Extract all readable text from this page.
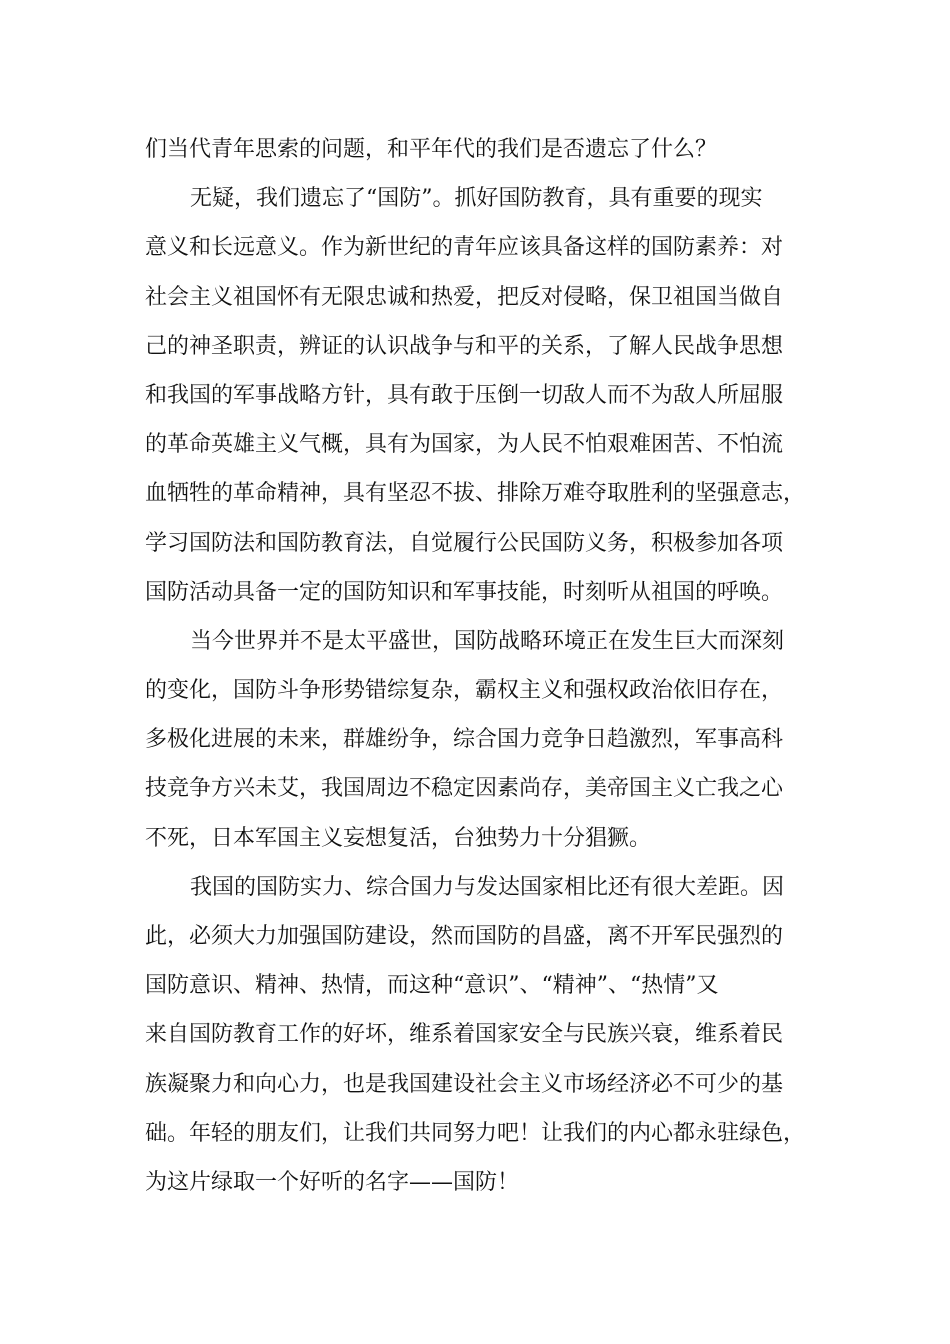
们当代青年思索的问题，和平年代的我们是否遗忘了什么？
无疑，我们遗忘了“国防”。抓好国防教育，具有重要的现实
意义和长远意义。作为新世纪的青年应该具备这样的国防素养：对
社会主义祖国怀有无限忠诚和热爱，把反对侵略，保卫祖国当做自
己的神圣职责，辨证的认识战争与和平的关系，了解人民战争思想
和我国的军事战略方针，具有敢于压倒一切敌人而不为敌人所屈服
的革命英雄主义气概，具有为国家，为人民不怕艰难困苦、不怕流
血牺牲的革命精神，具有坚忍不拔、排除万难夺取胜利的坚强意志，
学习国防法和国防教育法，自觉履行公民国防义务，积极参加各项
国防活动具备一定的国防知识和军事技能，时刻听从祖国的呼唤。
当今世界并不是太平盛世，国防战略环境正在发生巨大而深刻
的变化，国防斗争形势错综复杂，霸权主义和强权政治依旧存在，
多极化进展的未来，群雄纷争，综合国力竞争日趋激烈，军事高科
技竞争方兴未艾，我国周边不稳定因素尚存，美帝国主义亡我之心
不死，日本军国主义妄想复活，台独势力十分猖獗。
我国的国防实力、综合国力与发达国家相比还有很大差距。因
此，必须大力加强国防建设，然而国防的昌盛，离不开军民强烈的
国防意识、精神、热情，而这种“意识”、“精神”、“热情”又
来自国防教育工作的好坏，维系着国家安全与民族兴衰，维系着民
族凝聚力和向心力，也是我国建设社会主义市场经济必不可少的基
础。年轻的朋友们，让我们共同努力吧！让我们的内心都永驻绿色，
为这片绿取一个好听的名字——国防！
